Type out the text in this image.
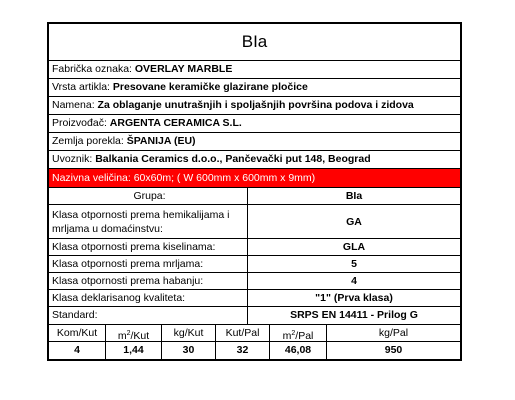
BIa
Fabrička oznaka: OVERLAY MARBLE
Vrsta artikla: Presovane keramičke glazirane pločice
Namena: Za oblaganje unutrašnjih i spoljašnjih površina podova i zidova
Proizvođač: ARGENTA CERAMICA S.L.
Zemlja porekla: ŠPANIJA (EU)
Uvoznik: Balkania Ceramics d.o.o., Pančevački put 148, Beograd
Nazivna veličina: 60x60m; ( W 600mm x 600mm x 9mm)
Grupa:	BIa
Klasa otpornosti prema hemikalijama i mrljama u domaćinstvu:
GA
Klasa otpornosti prema kiselinama:	GLA
Klasa otpornosti prema mrljama:	5
Klasa otpornosti prema habanju:	4
Klasa deklarisanog kvaliteta:	"1" (Prva klasa)
Standard:	SRPS EN 14411 - Prilog G
Kom/Kut	$m^2$/Kut	kg/Kut	Kut/Pal	$m^2$/Pal	kg/Pal
4	1,44	30	32	46,08	950
